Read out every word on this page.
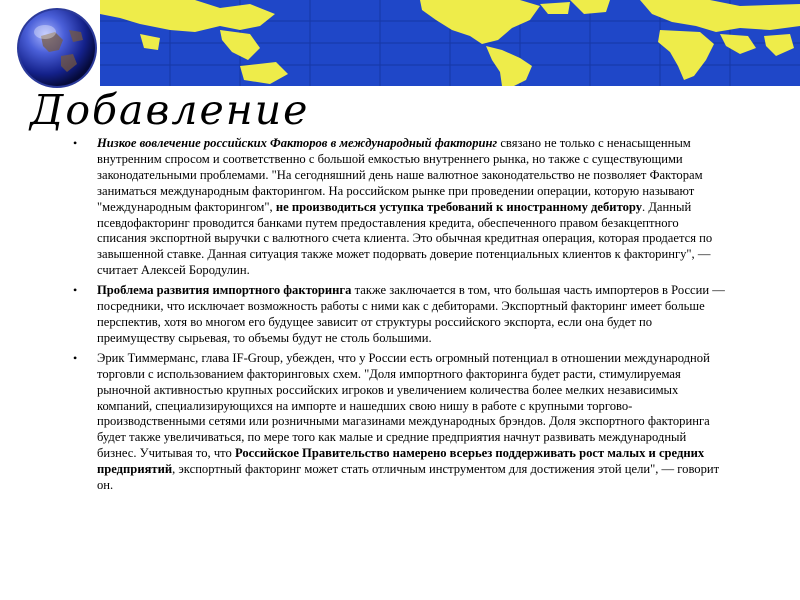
Добавление
• Низкое вовлечение российских Факторов в международный факторинг связано не только с ненасыщенным внутренним спросом и соответственно с большой емкостью внутреннего рынка, но также с существующими законодательными проблемами. "На сегодняшний день наше валютное законодательство не позволяет Факторам заниматься международным факторингом. На российском рынке при проведении операции, которую называют "международным факторингом", не производиться уступка требований к иностранному дебитору. Данный псевдофакторинг проводится банками путем предоставления кредита, обеспеченного правом безакцептного списания экспортной выручки с валютного счета клиента. Это обычная кредитная операция, которая продается по завышенной ставке. Данная ситуация также может подорвать доверие потенциальных клиентов к факторингу", — считает Алексей Бородулин.
• Проблема развития импортного факторинга также заключается в том, что большая часть импортеров в России — посредники, что исключает возможность работы с ними как с дебиторами. Экспортный факторинг имеет больше перспектив, хотя во многом его будущее зависит от структуры российского экспорта, если она будет по преимуществу сырьевая, то объемы будут не столь большими.
• Эрик Тиммерманс, глава IF-Group, убежден, что у России есть огромный потенциал в отношении международной торговли с использованием факторинговых схем. "Доля импортного факторинга будет расти, стимулируемая рыночной активностью крупных российских игроков и увеличением количества более мелких независимых компаний, специализирующихся на импорте и нашедших свою нишу в работе с крупными торгово-производственными сетями или розничными магазинами международных брэндов. Доля экспортного факторинга будет также увеличиваться, по мере того как малые и средние предприятия начнут развивать международный бизнес. Учитывая то, что Российское Правительство намерено всерьез поддерживать рост малых и средних предприятий, экспортный факторинг может стать отличным инструментом для достижения этой цели", — говорит он.
